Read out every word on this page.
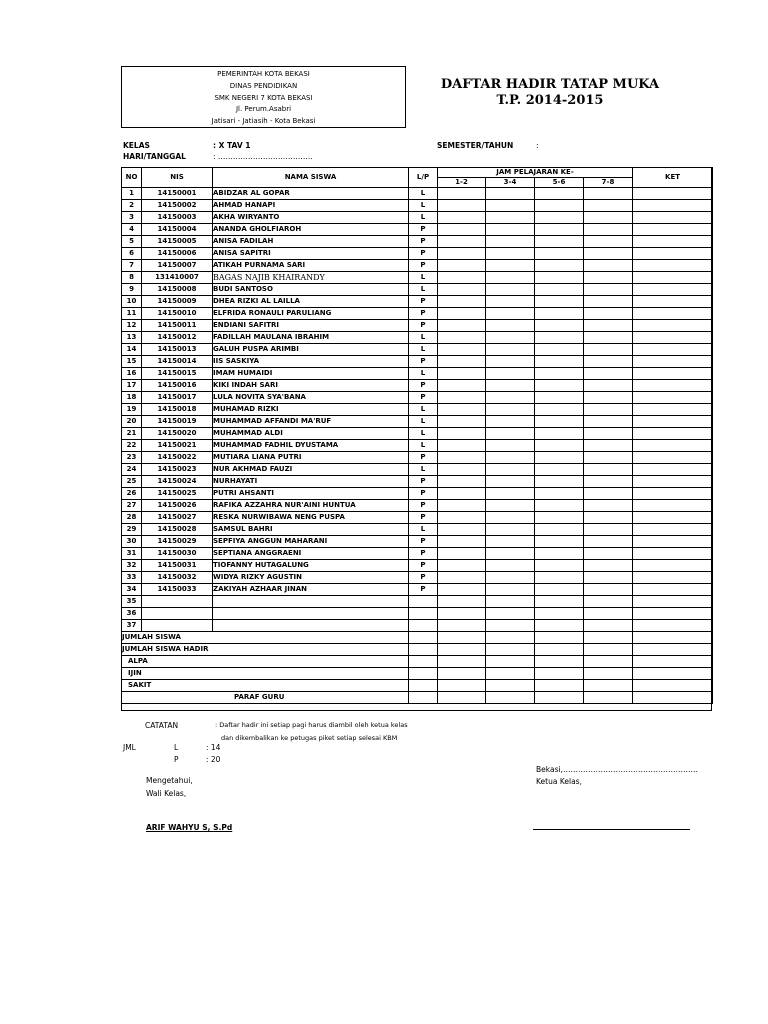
PEMERINTAH KOTA BEKASI
DINAS PENDIDIKAN
SMK NEGERI 7 KOTA BEKASI
Jl. Perum.Asabri
Jatisari - Jatiasih - Kota Bekasi
DAFTAR HADIR TATAP MUKA
T.P. 2014-2015
KELAS	: X TAV 1
HARI/TANGGAL	: ………………………………..
SEMESTER/TAHUN	:
NO	NIS	NAMA SISWA	L/P	JAM PELAJARAN KE-				KET
				1-2	3-4	5-6	7-8	
1	14150001	ABIDZAR AL GOPAR	L					
2	14150002	AHMAD HANAPI	L					
3	14150003	AKHA WIRYANTO	L					
4	14150004	ANANDA GHOLFIAROH	P					
5	14150005	ANISA FADILAH	P					
6	14150006	ANISA SAPITRI	P					
7	14150007	ATIKAH PURNAMA SARI	P					
8	131410007	BAGAS NAJIB KHAIRANDY	L					
9	14150008	BUDI SANTOSO	L					
10	14150009	DHEA RIZKI AL LAILLA	P					
11	14150010	ELFRIDA RONAULI PARULIANG	P					
12	14150011	ENDIANI SAFITRI	P					
13	14150012	FADILLAH MAULANA IBRAHIM	L					
14	14150013	GALUH PUSPA ARIMBI	L					
15	14150014	IIS SASKIYA	P					
16	14150015	IMAM HUMAIDI	L					
17	14150016	KIKI INDAH SARI	P					
18	14150017	LULA NOVITA SYA'BANA	P					
19	14150018	MUHAMAD RIZKI	L					
20	14150019	MUHAMMAD AFFANDI MA'RUF	L					
21	14150020	MUHAMMAD ALDI	L					
22	14150021	MUHAMMAD FADHIL DYUSTAMA	L					
23	14150022	MUTIARA LIANA PUTRI	P					
24	14150023	NUR AKHMAD FAUZI	L					
25	14150024	NURHAYATI	P					
26	14150025	PUTRI AHSANTI	P					
27	14150026	RAFIKA AZZAHRA NUR'AINI HUNTUA	P					
28	14150027	RESKA NURWIBAWA NENG PUSPA	P					
29	14150028	SAMSUL BAHRI	L					
30	14150029	SEPFIYA ANGGUN MAHARANI	P					
31	14150030	SEPTIANA ANGGRAENI	P					
32	14150031	TIOFANNY HUTAGALUNG	P					
33	14150032	WIDYA RIZKY AGUSTIN	P					
34	14150033	ZAKIYAH AZHAAR JINAN	P					
35								
36								
37								
JUMLAH SISWA								
JUMLAH SISWA HADIR								
ALPA								
IJIN								
SAKIT								
PARAF GURU								
CATATAN	: Daftar hadir ini setiap pagi harus diambil oleh ketua kelas
dan dikembalikan ke petugas piket setiap selesai KBM
JML	L	: 14
P	: 20
Mengetahui,
Wali Kelas,
ARIF WAHYU S, S.Pd
Bekasi,………………………………………………
Ketua Kelas,
